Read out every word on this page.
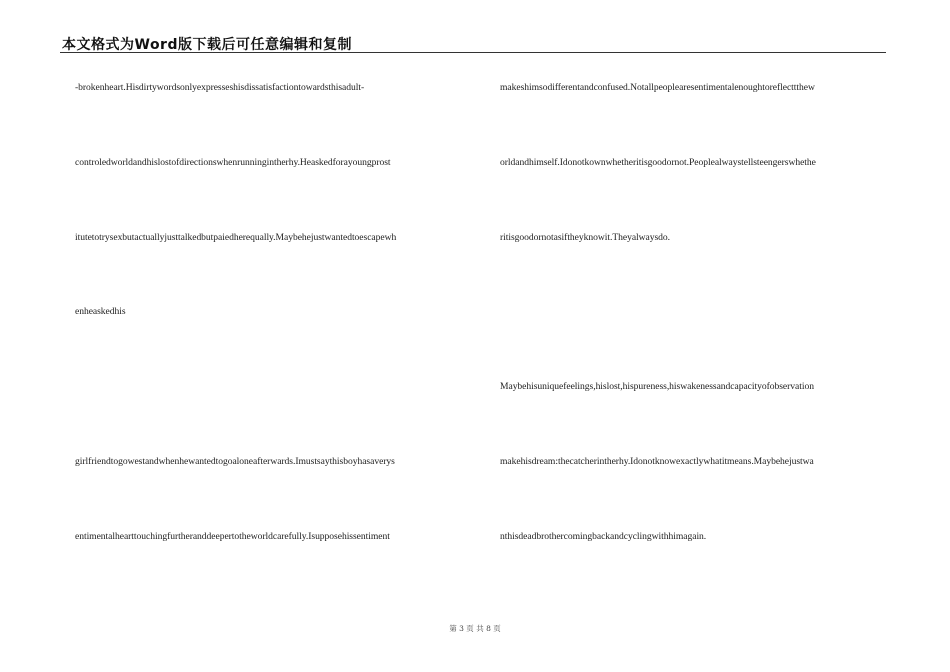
本文格式为Word版下载后可任意编辑和复制
-brokenheart.Hisdirtywordsonlyexpresseshisdissatisfactiontowardsthisadult-
controledworldandhislostofdirectionswhenrunningintherhy.Heaskedforayoungprost
itutetotrysexbutactuallyjusttalkedbutpaiedherequally.Maybehejustwantedtoescapewh
enheaskedhis
girlfriendtogowestandwhenhewantedtogoaloneafterwards.Imustsaythisboyhasaverys
entimentalhearttouchingfurtheranddeepertotheworldcarefully.Isupposehissentiment
makeshimsodifferentandconfused.Notallpeoplearesentimentalenoughtoreflecttthew
orldandhimself.Idonotkownwhetheritisgoodornot.Peoplealwaystellsteengerswhethe
ritisgoodornotasiftheyknowit.Theyalwaysdo.
Maybehisuniquefeelings,hislost,hispureness,hiswakenessandcapacityofobservation
makehisdream:thecatcherintherhy.Idonotknowexactlywhatitmeans.Maybehejustwa
nthisdeadbrothercomingbackandcyclingwithhimagain.
第 3 页 共 8 页
